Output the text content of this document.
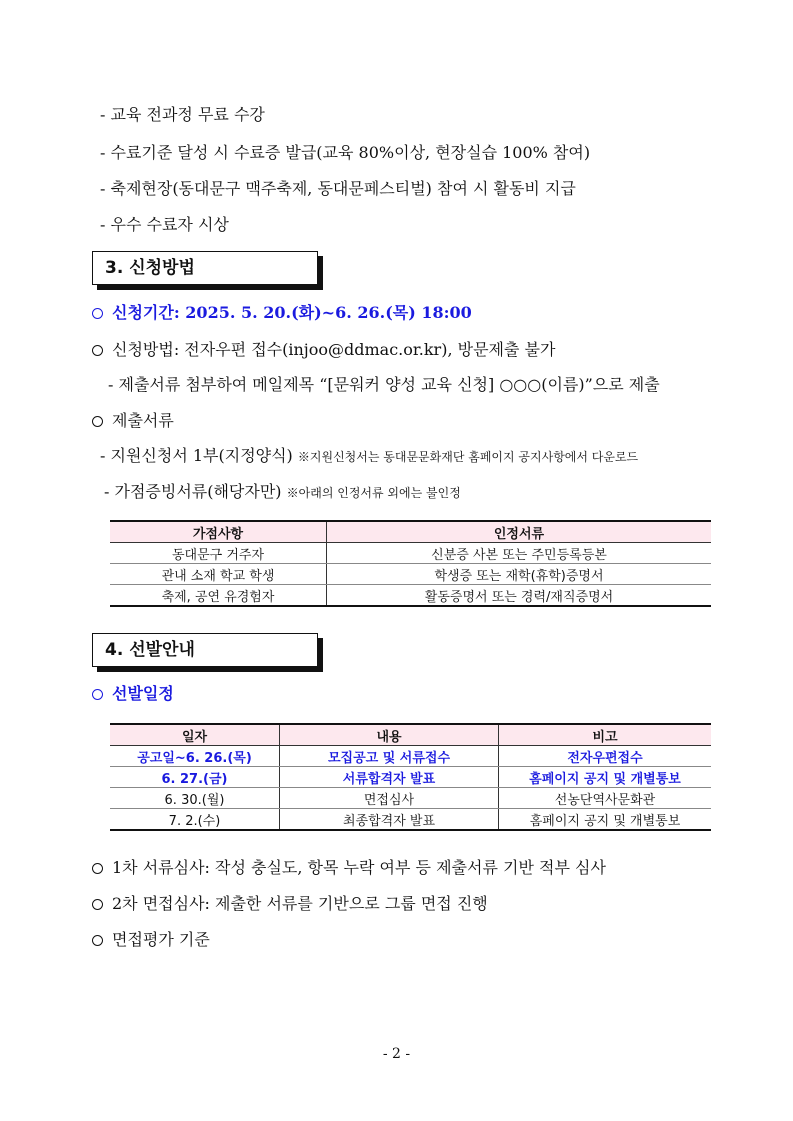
- 교육 전과정 무료 수강
- 수료기준 달성 시 수료증 발급(교육 80%이상, 현장실습 100% 참여)
- 축제현장(동대문구 맥주축제, 동대문페스티벌) 참여 시 활동비 지급
- 우수 수료자 시상
3. 신청방법
신청기간: 2025. 5. 20.(화)~6. 26.(목) 18:00
신청방법: 전자우편 접수(injoo@ddmac.or.kr), 방문제출 불가
- 제출서류 첨부하여 메일제목 “[문워커 양성 교육 신청] ○○○(이름)”으로 제출
제출서류
- 지원신청서 1부(지정양식) ※지원신청서는 동대문문화재단 홈페이지 공지사항에서 다운로드
- 가점증빙서류(해당자만) ※아래의 인정서류 외에는 불인정
가점사항	인정서류
동대문구 거주자	신분증 사본 또는 주민등록등본
관내 소재 학교 학생	학생증 또는 재학(휴학)증명서
축제, 공연 유경험자	활동증명서 또는 경력/재직증명서
4. 선발안내
선발일정
일자	내용	비고
공고일~6. 26.(목)	모집공고 및 서류접수	전자우편접수
6. 27.(금)	서류합격자 발표	홈페이지 공지 및 개별통보
6. 30.(월)	면접심사	선농단역사문화관
7. 2.(수)	최종합격자 발표	홈페이지 공지 및 개별통보
1차 서류심사: 작성 충실도, 항목 누락 여부 등 제출서류 기반 적부 심사
2차 면접심사: 제출한 서류를 기반으로 그룹 면접 진행
면접평가 기준
- 2 -
